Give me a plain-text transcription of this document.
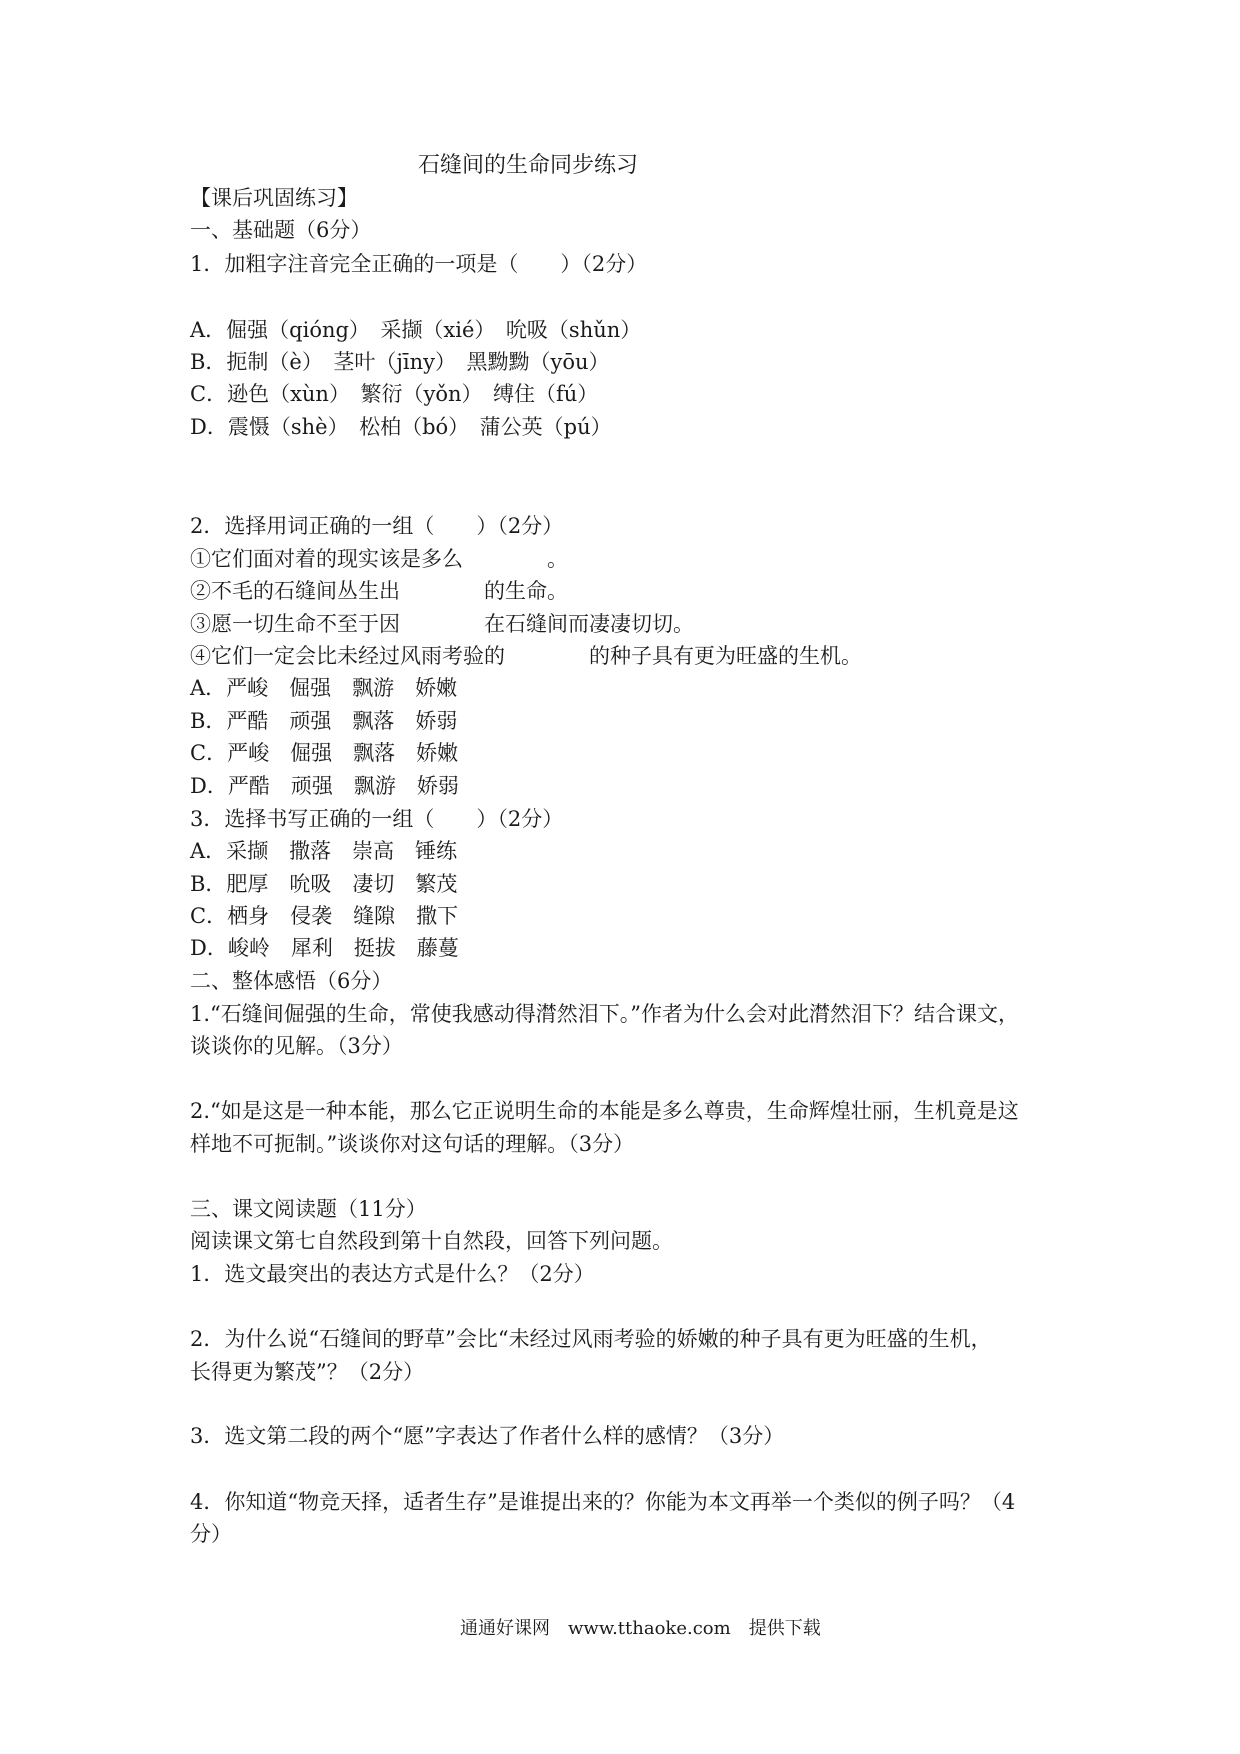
石缝间的生命同步练习
【课后巩固练习】
一、基础题（6分）
1．加粗字注音完全正确的一项是（　　）（2分）
A．倔强（qióng）　采撷（xié）　吮吸（shǔn）
B．扼制（è）　茎叶（jīny）　黑黝黝（yōu）
C．逊色（xùn）　繁衍（yǒn）　缚住（fú）
D．震慑（shè）　松柏（bó）　蒲公英（pú）
2．选择用词正确的一组（　　）（2分）
①它们面对着的现实该是多么　　　　。
②不毛的石缝间丛生出　　　　的生命。
③愿一切生命不至于因　　　　在石缝间而凄凄切切。
④它们一定会比未经过风雨考验的　　　　的种子具有更为旺盛的生机。
A．严峻　倔强　飘游　娇嫩
B．严酷　顽强　飘落　娇弱
C．严峻　倔强　飘落　娇嫩
D．严酷　顽强　飘游　娇弱
3．选择书写正确的一组（　　）（2分）
A．采撷　撒落　崇高　锤练
B．肥厚　吮吸　凄切　繁茂
C．栖身　侵袭　缝隙　撒下
D．峻岭　犀利　挺拔　藤蔓
二、整体感悟（6分）
1.“石缝间倔强的生命，常使我感动得潸然泪下。”作者为什么会对此潸然泪下？结合课文，
谈谈你的见解。（3分）
2.“如是这是一种本能，那么它正说明生命的本能是多么尊贵，生命辉煌壮丽，生机竟是这
样地不可扼制。”谈谈你对这句话的理解。（3分）
三、课文阅读题（11分）
阅读课文第七自然段到第十自然段，回答下列问题。
1．选文最突出的表达方式是什么？（2分）
2．为什么说“石缝间的野草”会比“未经过风雨考验的娇嫩的种子具有更为旺盛的生机，
长得更为繁茂”？（2分）
3．选文第二段的两个“愿”字表达了作者什么样的感情？（3分）
4．你知道“物竞天择，适者生存”是谁提出来的？你能为本文再举一个类似的例子吗？（4
分）
通通好课网　www.tthaoke.com　提供下载
